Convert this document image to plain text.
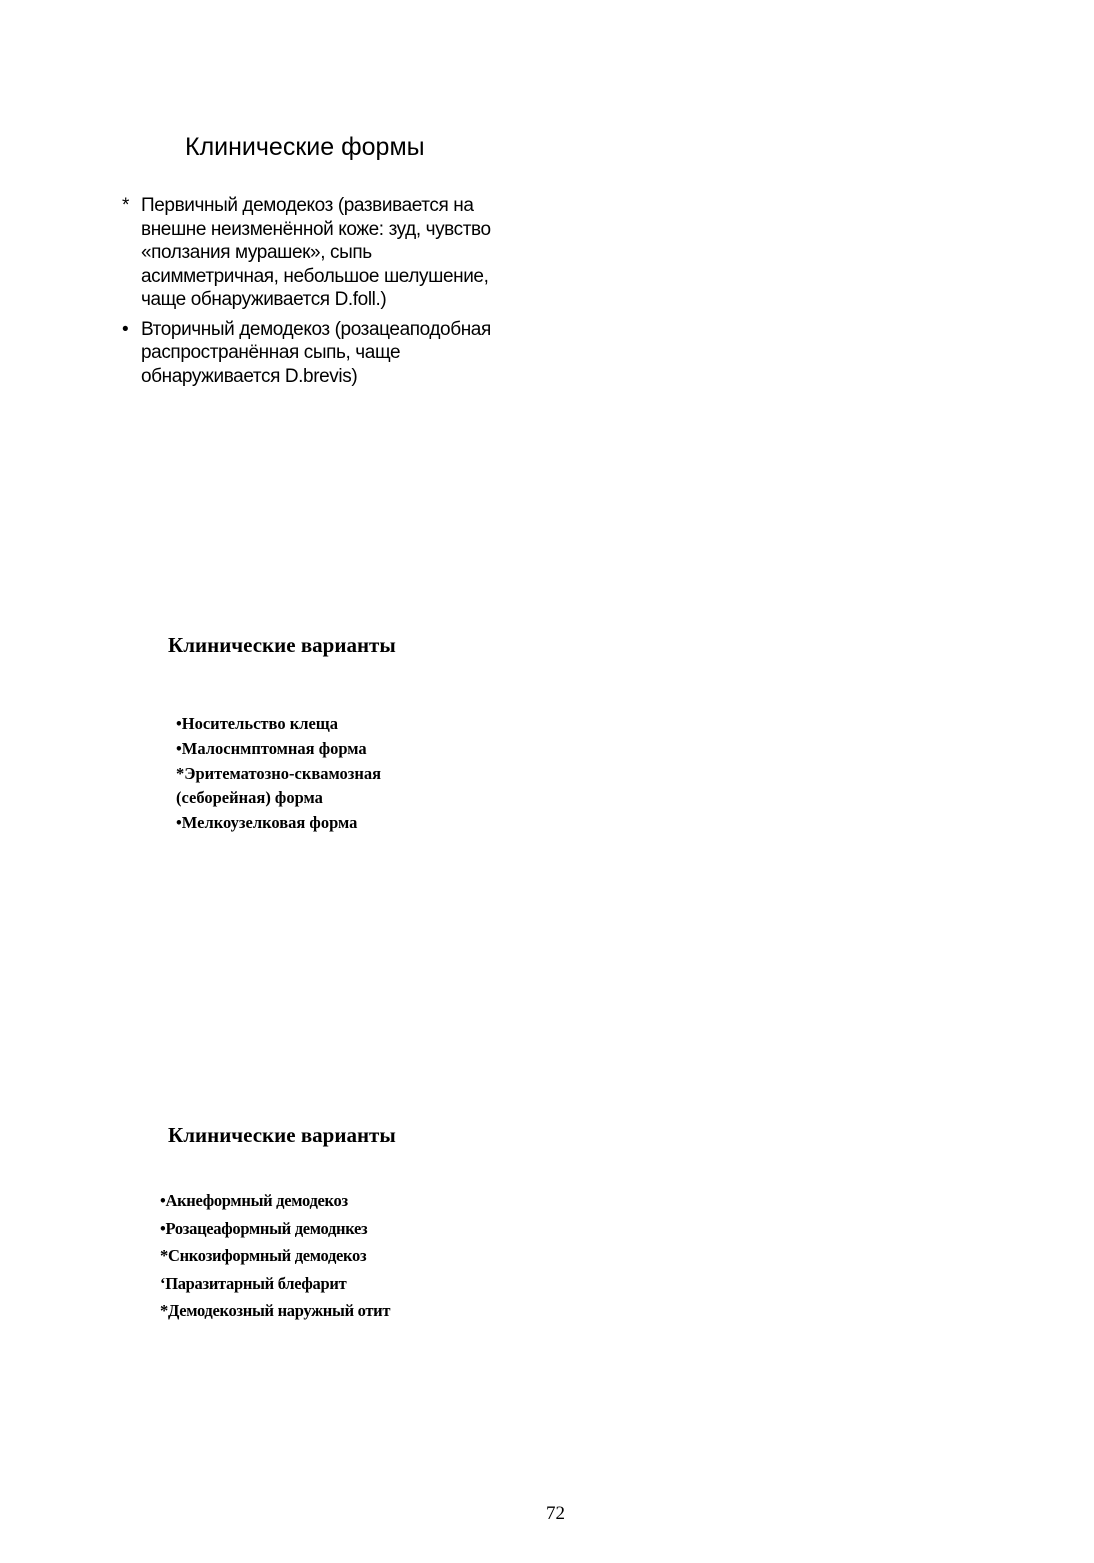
Клинические формы
* Первичный демодекоз (развивается на внешне неизменённой коже: зуд, чувство «ползания мурашек», сыпь асимметричная, небольшое шелушение, чаще обнаруживается D.foll.)
• Вторичный демодекоз (розацеаподобная распространённая сыпь, чаще обнаруживается D.brevis)
Клинические варианты
•Носительство клеща
•Малоснмптомная форма
*Эритематозно-сквамозная
(себорейная) форма
•Мелкоузелковая форма
Клинические варианты
•Акнеформный демодекоз
•Розацеаформный демоднкез
*Снкозиформный демодекоз
‘Паразитарный блефарит
*Демодекозный наружный отит
72
